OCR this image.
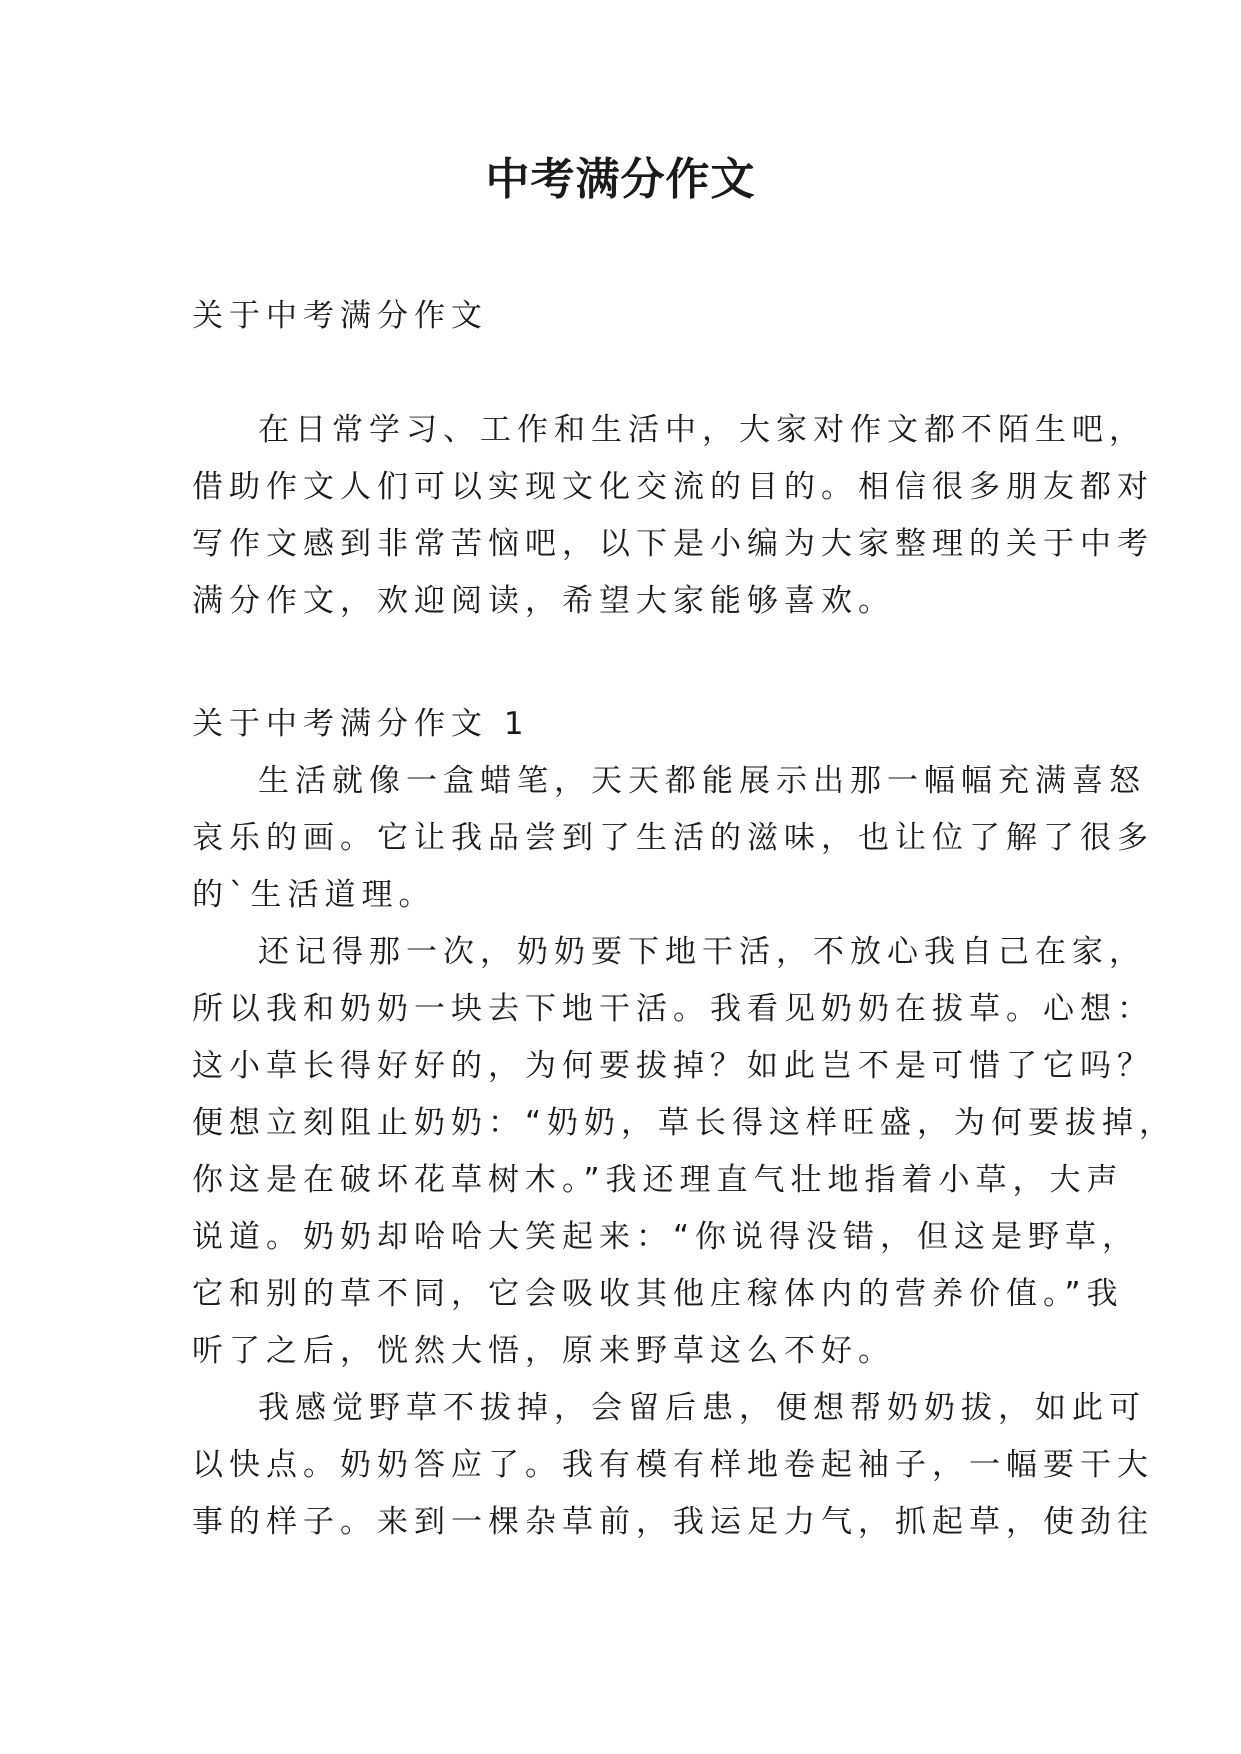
中考满分作文
关于中考满分作文
在日常学习、工作和生活中，大家对作文都不陌生吧，
借助作文人们可以实现文化交流的目的。相信很多朋友都对
写作文感到非常苦恼吧，以下是小编为大家整理的关于中考
满分作文，欢迎阅读，希望大家能够喜欢。
关于中考满分作文 1
生活就像一盒蜡笔，天天都能展示出那一幅幅充满喜怒
哀乐的画。它让我品尝到了生活的滋味，也让位了解了很多
的`生活道理。
还记得那一次，奶奶要下地干活，不放心我自己在家，
所以我和奶奶一块去下地干活。我看见奶奶在拔草。心想：
这小草长得好好的，为何要拔掉？如此岂不是可惜了它吗？
便想立刻阻止奶奶：“奶奶，草长得这样旺盛，为何要拔掉，
你这是在破坏花草树木。”我还理直气壮地指着小草，大声
说道。奶奶却哈哈大笑起来：“你说得没错，但这是野草，
它和别的草不同，它会吸收其他庄稼体内的营养价值。”我
听了之后，恍然大悟，原来野草这么不好。
我感觉野草不拔掉，会留后患，便想帮奶奶拔，如此可
以快点。奶奶答应了。我有模有样地卷起袖子，一幅要干大
事的样子。来到一棵杂草前，我运足力气，抓起草，使劲往
